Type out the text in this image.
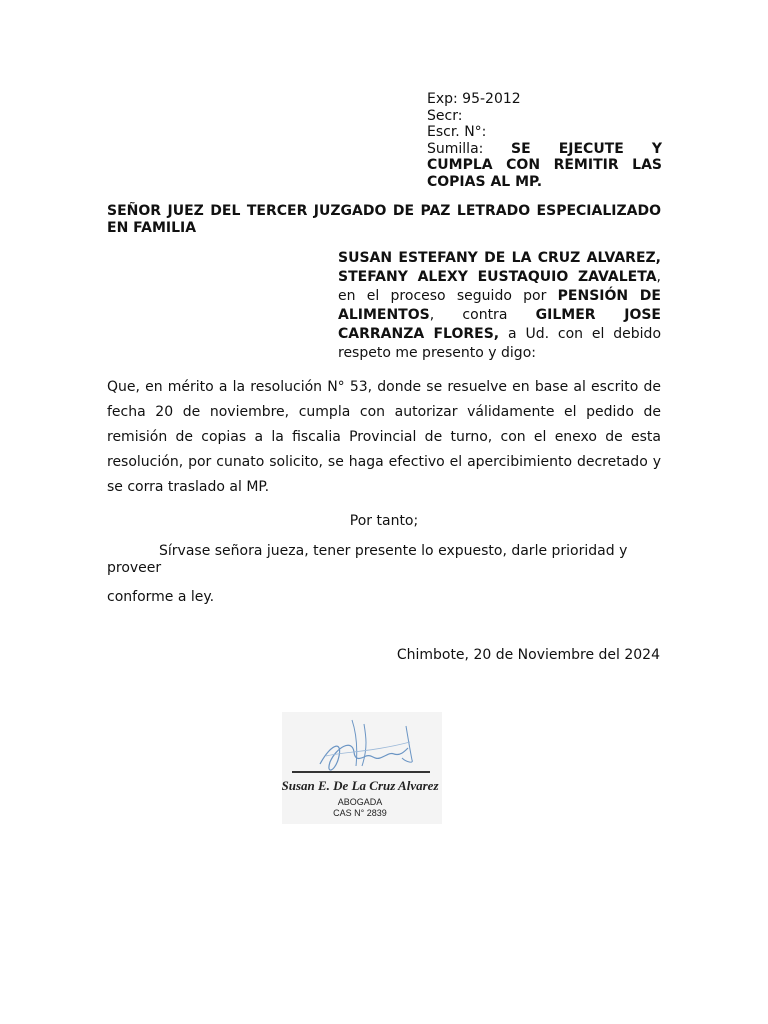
Exp: 95-2012
Secr:
Escr. N°:
Sumilla: SE EJECUTE Y CUMPLA CON REMITIR LAS COPIAS AL MP.
SEÑOR JUEZ DEL TERCER JUZGADO DE PAZ LETRADO ESPECIALIZADO EN FAMILIA
SUSAN ESTEFANY DE LA CRUZ ALVAREZ, STEFANY ALEXY EUSTAQUIO ZAVALETA, en el proceso seguido por PENSIÓN DE ALIMENTOS, contra GILMER JOSE CARRANZA FLORES, a Ud. con el debido respeto me presento y digo:
Que, en mérito a la resolución N° 53, donde se resuelve en base al escrito de fecha 20 de noviembre, cumpla con autorizar válidamente el pedido de remisión de copias a la fiscalia Provincial de turno, con el enexo de esta resolución, por cunato solicito, se haga efectivo el apercibimiento decretado y se corra traslado al MP.
Por tanto;
Sírvase señora jueza, tener presente lo expuesto, darle prioridad y proveer
conforme a ley.
Chimbote, 20 de Noviembre del 2024
Susan E. De La Cruz Alvarez
ABOGADA
CAS N° 2839
